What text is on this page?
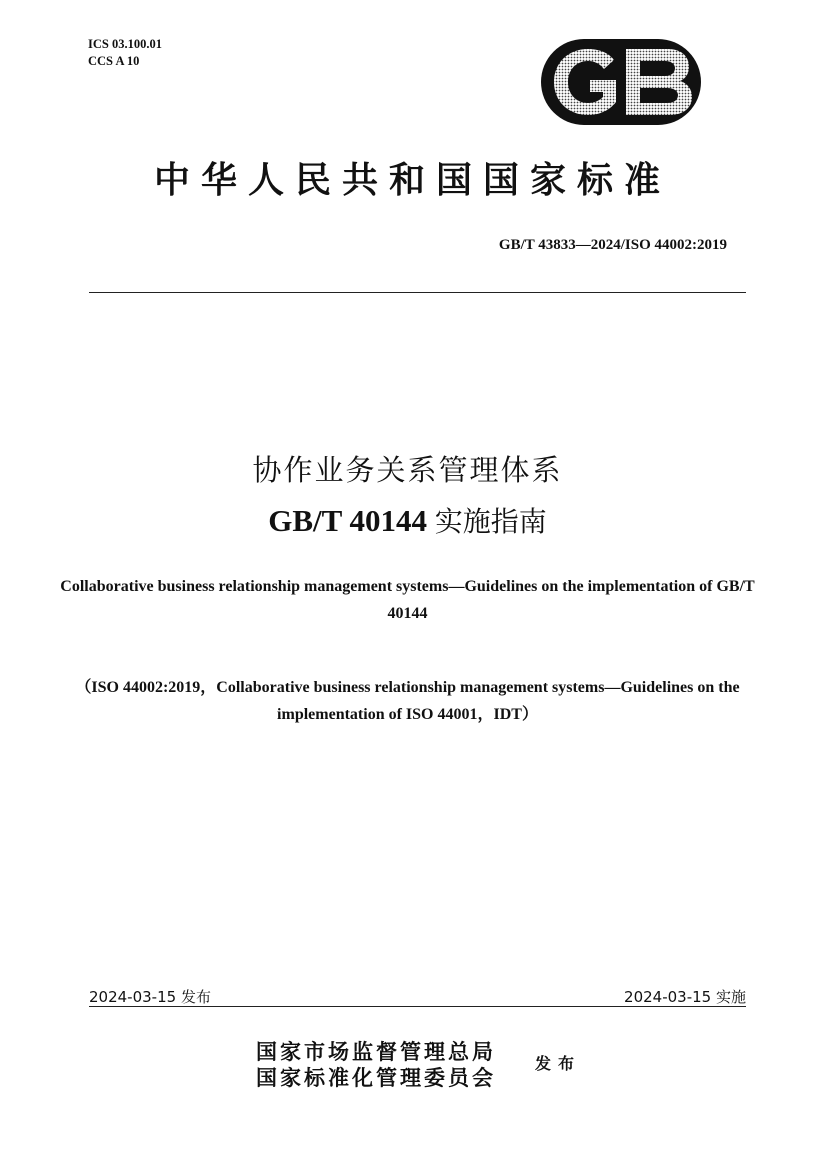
ICS 03.100.01
CCS A 10
中华人民共和国国家标准
GB/T 43833—2024/ISO 44002:2019
协作业务关系管理体系
GB/T 40144 实施指南
Collaborative business relationship management systems—Guidelines on the implementation of GB/T 40144
（ISO 44002:2019，Collaborative business relationship management systems—Guidelines on the implementation of ISO 44001，IDT）
2024-03-15 发布	2024-03-15 实施
国家市场监督管理总局
国家标准化管理委员会
发布
